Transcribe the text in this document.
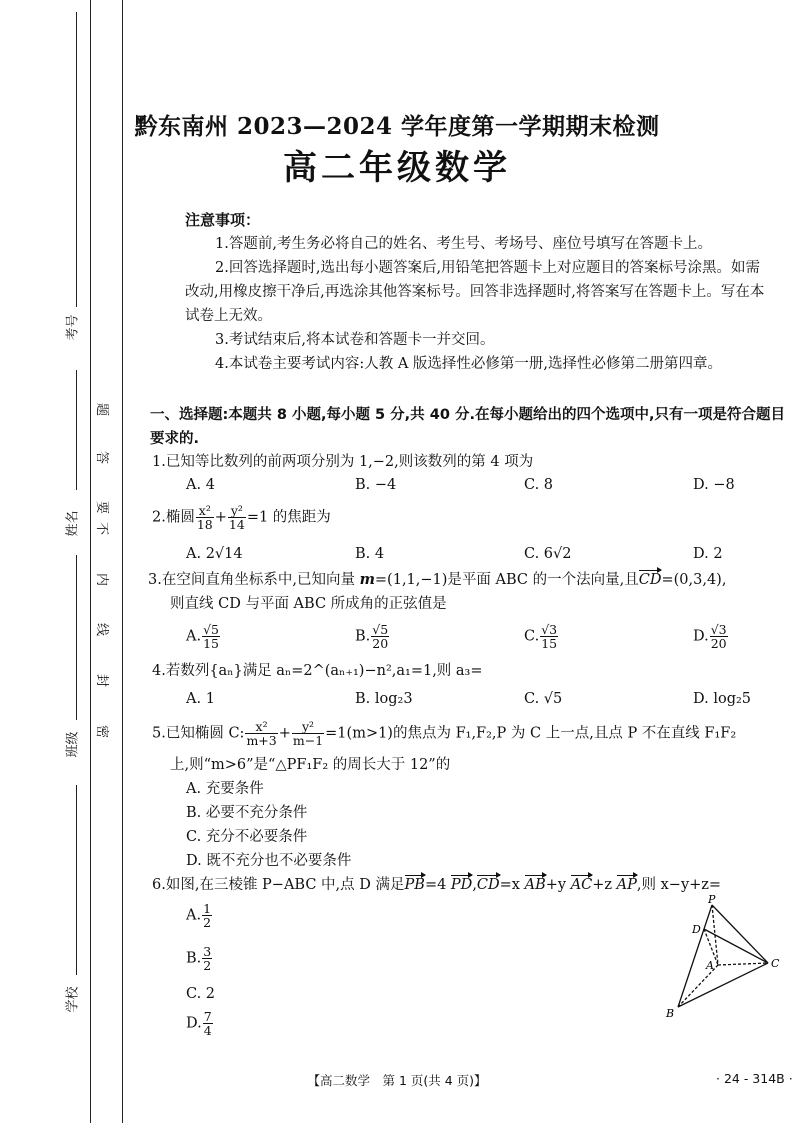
考号
姓名
班级
学校
密
封
线
内
不
要
答
题
黔东南州 2023—2024 学年度第一学期期末检测
高二年级数学

注意事项：

1.答题前,考生务必将自己的姓名、考生号、考场号、座位号填写在答题卡上。

2.回答选择题时,选出每小题答案后,用铅笔把答题卡上对应题目的答案标号涂黑。如需改动,用橡皮擦干净后,再选涂其他答案标号。回答非选择题时,将答案写在答题卡上。写在本试卷上无效。

3.考试结束后,将本试卷和答题卡一并交回。

4.本试卷主要考试内容:人教 A 版选择性必修第一册,选择性必修第二册第四章。

一、选择题:本题共 8 小题,每小题 5 分,共 40 分.在每小题给出的四个选项中,只有一项是符合题目要求的.
1.已知等比数列的前两项分别为 1,−2,则该数列的第 4 项为
A. 4	B. −4	C. 8	D. −8
2.椭圆 $\frac{\text{x²}}{18} + \frac{\text{y²}}{14} =1$ 的焦距为
A. 2√14	B. 4	C. 6√2	D. 2
3.在空间直角坐标系中,已知向量 m=(1,1,−1)是平面 ABC 的一个法向量,且CD=(0,3,4),
则直线 CD 与平面 ABC 所成角的正弦值是
A. $\frac{√5}{15}$	B. $\frac{√5}{20}$	C. $\frac{√3}{15}$	D. $\frac{√3}{20}$
4.若数列{aₙ}满足 aₙ=2^(aₙ₊₁)−n²,a₁=1,则 a₃=
A. 1	B. log₂3	C. √5	D. log₂5
5.已知椭圆 C: $\frac{\text{x²}}{m+3} + \frac{\text{y²}}{m-1} =1(m>1)$的焦点为 F₁,F₂,P 为 C 上一点,且点 P 不在直线 F₁F₂
上,则“m>6”是“△PF₁F₂ 的周长大于 12”的
A. 充要条件
B. 必要不充分条件
C. 充分不必要条件
D. 既不充分也不必要条件
6.如图,在三棱锥 P−ABC 中,点 D 满足PB=4 PD,CD=x AB+y AC+z AP,则 x−y+z=
A. $\frac{1}{2}$
B. $\frac{3}{2}$
C. 2
D. $\frac{7}{4}$
P
D
A	C
B
【高二数学　第 1 页(共 4 页)】	· 24 - 314B ·
